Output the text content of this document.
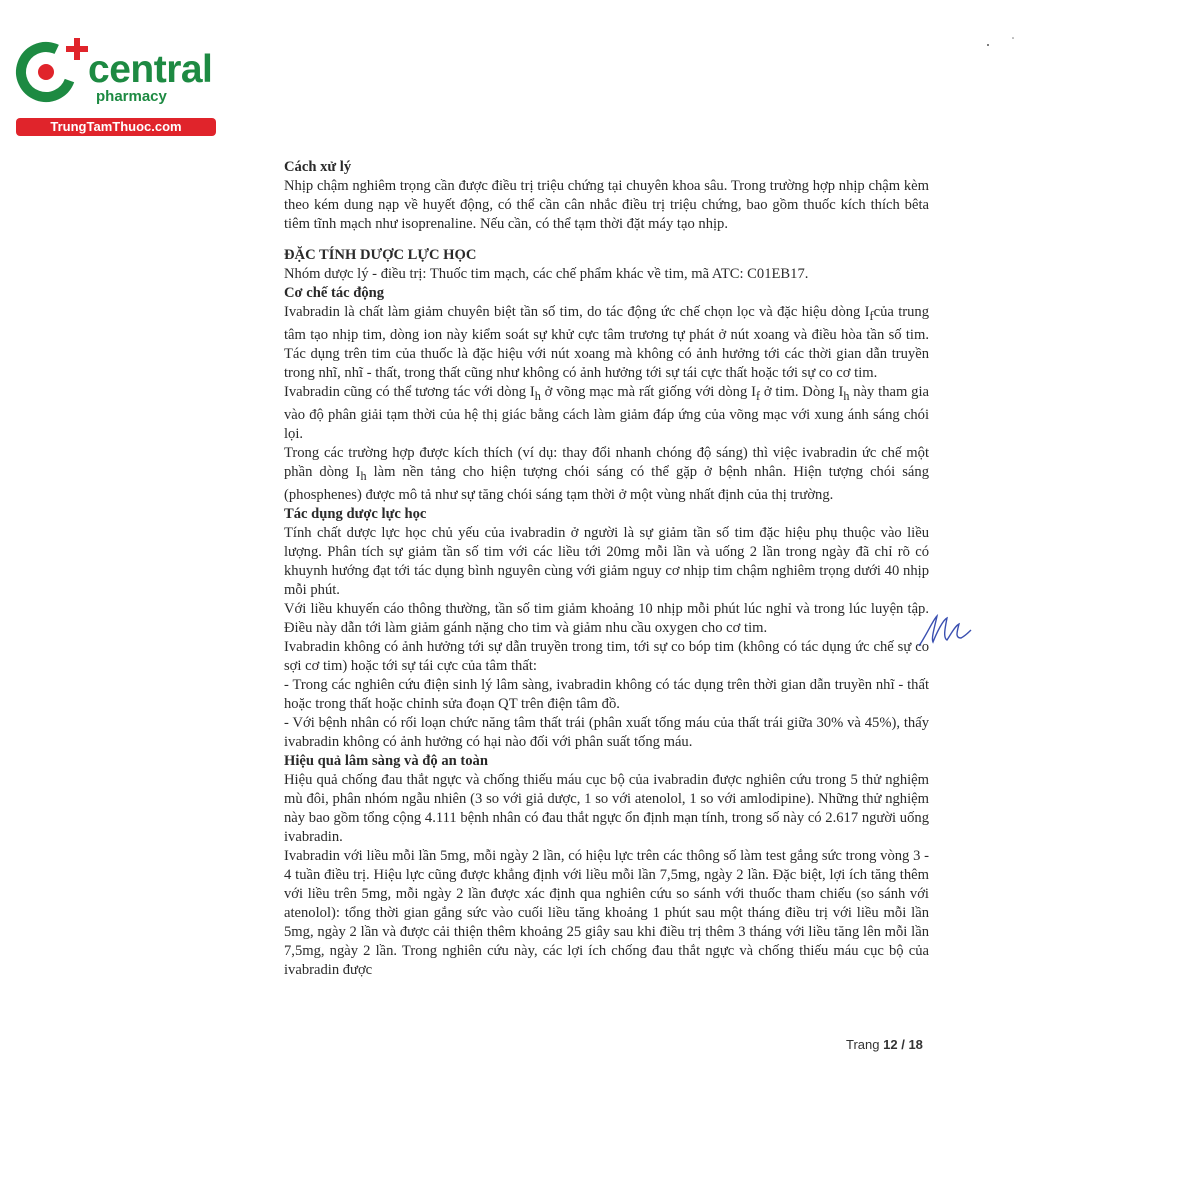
central
pharmacy
TrungTamThuoc.com

Cách xử lý

Nhịp chậm nghiêm trọng cần được điều trị triệu chứng tại chuyên khoa sâu. Trong trường hợp nhịp chậm kèm theo kém dung nạp về huyết động, có thể cần cân nhắc điều trị triệu chứng, bao gồm thuốc kích thích bêta tiêm tĩnh mạch như isoprenaline. Nếu cần, có thể tạm thời đặt máy tạo nhịp.

ĐẶC TÍNH DƯỢC LỰC HỌC

Nhóm dược lý - điều trị: Thuốc tim mạch, các chế phẩm khác về tim, mã ATC: C01EB17.

Cơ chế tác động

Ivabradin là chất làm giảm chuyên biệt tần số tim, do tác động ức chế chọn lọc và đặc hiệu dòng $I_fcủa$ trung tâm tạo nhịp tim, dòng ion này kiểm soát sự khử cực tâm trương tự phát ở nút xoang và điều hòa tần số tim. Tác dụng trên tim của thuốc là đặc hiệu với nút xoang mà không có ảnh hưởng tới các thời gian dẫn truyền trong nhĩ, nhĩ - thất, trong thất cũng như không có ảnh hưởng tới sự tái cực thất hoặc tới sự co cơ tim.

Ivabradin cũng có thể tương tác với dòng $I_h$ ở võng mạc mà rất giống với dòng $I_f$ ở tim. Dòng $I_h$ này tham gia vào độ phân giải tạm thời của hệ thị giác bằng cách làm giảm đáp ứng của võng mạc với xung ánh sáng chói lọi.

Trong các trường hợp được kích thích (ví dụ: thay đổi nhanh chóng độ sáng) thì việc ivabradin ức chế một phần dòng $I_h$ làm nền tảng cho hiện tượng chói sáng có thể gặp ở bệnh nhân. Hiện tượng chói sáng (phosphenes) được mô tả như sự tăng chói sáng tạm thời ở một vùng nhất định của thị trường.

Tác dụng dược lực học

Tính chất dược lực học chủ yếu của ivabradin ở người là sự giảm tần số tim đặc hiệu phụ thuộc vào liều lượng. Phân tích sự giảm tần số tim với các liều tới 20mg mỗi lần và uống 2 lần trong ngày đã chỉ rõ có khuynh hướng đạt tới tác dụng bình nguyên cùng với giảm nguy cơ nhịp tim chậm nghiêm trọng dưới 40 nhịp mỗi phút.

Với liều khuyến cáo thông thường, tần số tim giảm khoảng 10 nhịp mỗi phút lúc nghỉ và trong lúc luyện tập. Điều này dẫn tới làm giảm gánh nặng cho tim và giảm nhu cầu oxygen cho cơ tim.

Ivabradin không có ảnh hưởng tới sự dẫn truyền trong tim, tới sự co bóp tim (không có tác dụng ức chế sự co sợi cơ tim) hoặc tới sự tái cực của tâm thất:

- Trong các nghiên cứu điện sinh lý lâm sàng, ivabradin không có tác dụng trên thời gian dẫn truyền nhĩ - thất hoặc trong thất hoặc chỉnh sửa đoạn QT trên điện tâm đồ.

- Với bệnh nhân có rối loạn chức năng tâm thất trái (phân xuất tống máu của thất trái giữa 30% và 45%), thấy ivabradin không có ảnh hưởng có hại nào đối với phân suất tống máu.

Hiệu quả lâm sàng và độ an toàn

Hiệu quả chống đau thắt ngực và chống thiếu máu cục bộ của ivabradin được nghiên cứu trong 5 thử nghiệm mù đôi, phân nhóm ngẫu nhiên (3 so với giả dược, 1 so với atenolol, 1 so với amlodipine). Những thử nghiệm này bao gồm tổng cộng 4.111 bệnh nhân có đau thắt ngực ổn định mạn tính, trong số này có 2.617 người uống ivabradin.

Ivabradin với liều mỗi lần 5mg, mỗi ngày 2 lần, có hiệu lực trên các thông số làm test gắng sức trong vòng 3 - 4 tuần điều trị. Hiệu lực cũng được khẳng định với liều mỗi lần 7,5mg, ngày 2 lần. Đặc biệt, lợi ích tăng thêm với liều trên 5mg, mỗi ngày 2 lần được xác định qua nghiên cứu so sánh với thuốc tham chiếu (so sánh với atenolol): tổng thời gian gắng sức vào cuối liều tăng khoảng 1 phút sau một tháng điều trị với liều mỗi lần 5mg, ngày 2 lần và được cải thiện thêm khoảng 25 giây sau khi điều trị thêm 3 tháng với liều tăng lên mỗi lần 7,5mg, ngày 2 lần. Trong nghiên cứu này, các lợi ích chống đau thắt ngực và chống thiếu máu cục bộ của ivabradin được

Trang 12 / 18
